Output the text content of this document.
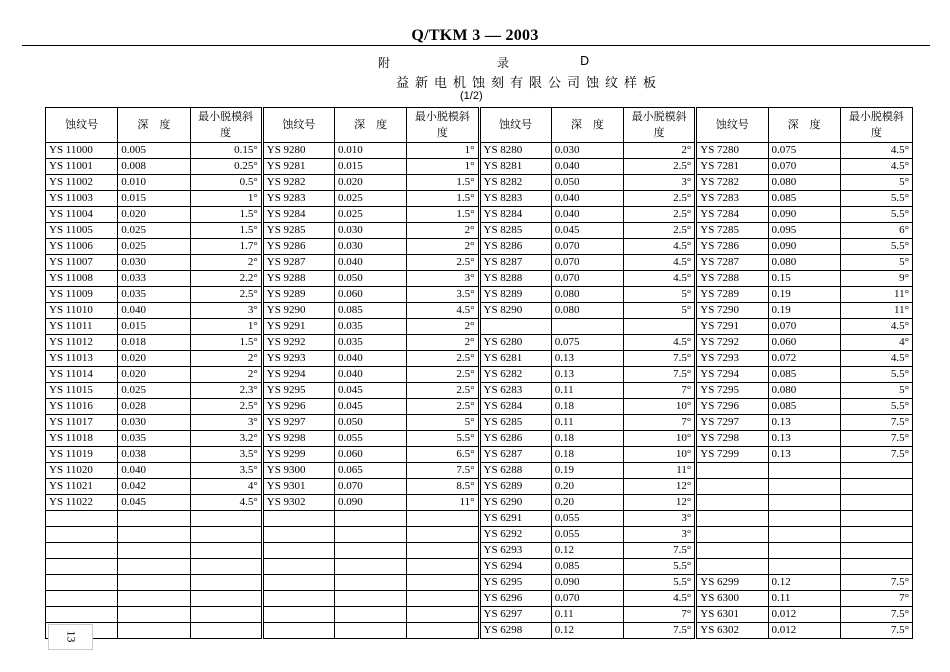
Q/TKM 3 — 2003
附	录	D
益新电机蚀刻有限公司蚀纹样板
(1/2)
蚀纹号	深　度	最小脱模斜度	蚀纹号	深　度	最小脱模斜度	蚀纹号	深　度	最小脱模斜度	蚀纹号	深　度	最小脱模斜度
YS 11000	0.005	0.15°	YS 9280	0.010	1°	YS 8280	0.030	2°	YS 7280	0.075	4.5°
YS 11001	0.008	0.25°	YS 9281	0.015	1°	YS 8281	0.040	2.5°	YS 7281	0.070	4.5°
YS 11002	0.010	0.5°	YS 9282	0.020	1.5°	YS 8282	0.050	3°	YS 7282	0.080	5°
YS 11003	0.015	1°	YS 9283	0.025	1.5°	YS 8283	0.040	2.5°	YS 7283	0.085	5.5°
YS 11004	0.020	1.5°	YS 9284	0.025	1.5°	YS 8284	0.040	2.5°	YS 7284	0.090	5.5°
YS 11005	0.025	1.5°	YS 9285	0.030	2°	YS 8285	0.045	2.5°	YS 7285	0.095	6°
YS 11006	0.025	1.7°	YS 9286	0.030	2°	YS 8286	0.070	4.5°	YS 7286	0.090	5.5°
YS 11007	0.030	2°	YS 9287	0.040	2.5°	YS 8287	0.070	4.5°	YS 7287	0.080	5°
YS 11008	0.033	2.2°	YS 9288	0.050	3°	YS 8288	0.070	4.5°	YS 7288	0.15	9°
YS 11009	0.035	2.5°	YS 9289	0.060	3.5°	YS 8289	0.080	5°	YS 7289	0.19	11°
YS 11010	0.040	3°	YS 9290	0.085	4.5°	YS 8290	0.080	5°	YS 7290	0.19	11°
YS 11011	0.015	1°	YS 9291	0.035	2°				YS 7291	0.070	4.5°
YS 11012	0.018	1.5°	YS 9292	0.035	2°	YS 6280	0.075	4.5°	YS 7292	0.060	4°
YS 11013	0.020	2°	YS 9293	0.040	2.5°	YS 6281	0.13	7.5°	YS 7293	0.072	4.5°
YS 11014	0.020	2°	YS 9294	0.040	2.5°	YS 6282	0.13	7.5°	YS 7294	0.085	5.5°
YS 11015	0.025	2.3°	YS 9295	0.045	2.5°	YS 6283	0.11	7°	YS 7295	0.080	5°
YS 11016	0.028	2.5°	YS 9296	0.045	2.5°	YS 6284	0.18	10°	YS 7296	0.085	5.5°
YS 11017	0.030	3°	YS 9297	0.050	5°	YS 6285	0.11	7°	YS 7297	0.13	7.5°
YS 11018	0.035	3.2°	YS 9298	0.055	5.5°	YS 6286	0.18	10°	YS 7298	0.13	7.5°
YS 11019	0.038	3.5°	YS 9299	0.060	6.5°	YS 6287	0.18	10°	YS 7299	0.13	7.5°
YS 11020	0.040	3.5°	YS 9300	0.065	7.5°	YS 6288	0.19	11°			
YS 11021	0.042	4°	YS 9301	0.070	8.5°	YS 6289	0.20	12°			
YS 11022	0.045	4.5°	YS 9302	0.090	11°	YS 6290	0.20	12°			
						YS 6291	0.055	3°			
						YS 6292	0.055	3°			
						YS 6293	0.12	7.5°			
						YS 6294	0.085	5.5°			
						YS 6295	0.090	5.5°	YS 6299	0.12	7.5°
						YS 6296	0.070	4.5°	YS 6300	0.11	7°
						YS 6297	0.11	7°	YS 6301	0.012	7.5°
						YS 6298	0.12	7.5°	YS 6302	0.012	7.5°
13
